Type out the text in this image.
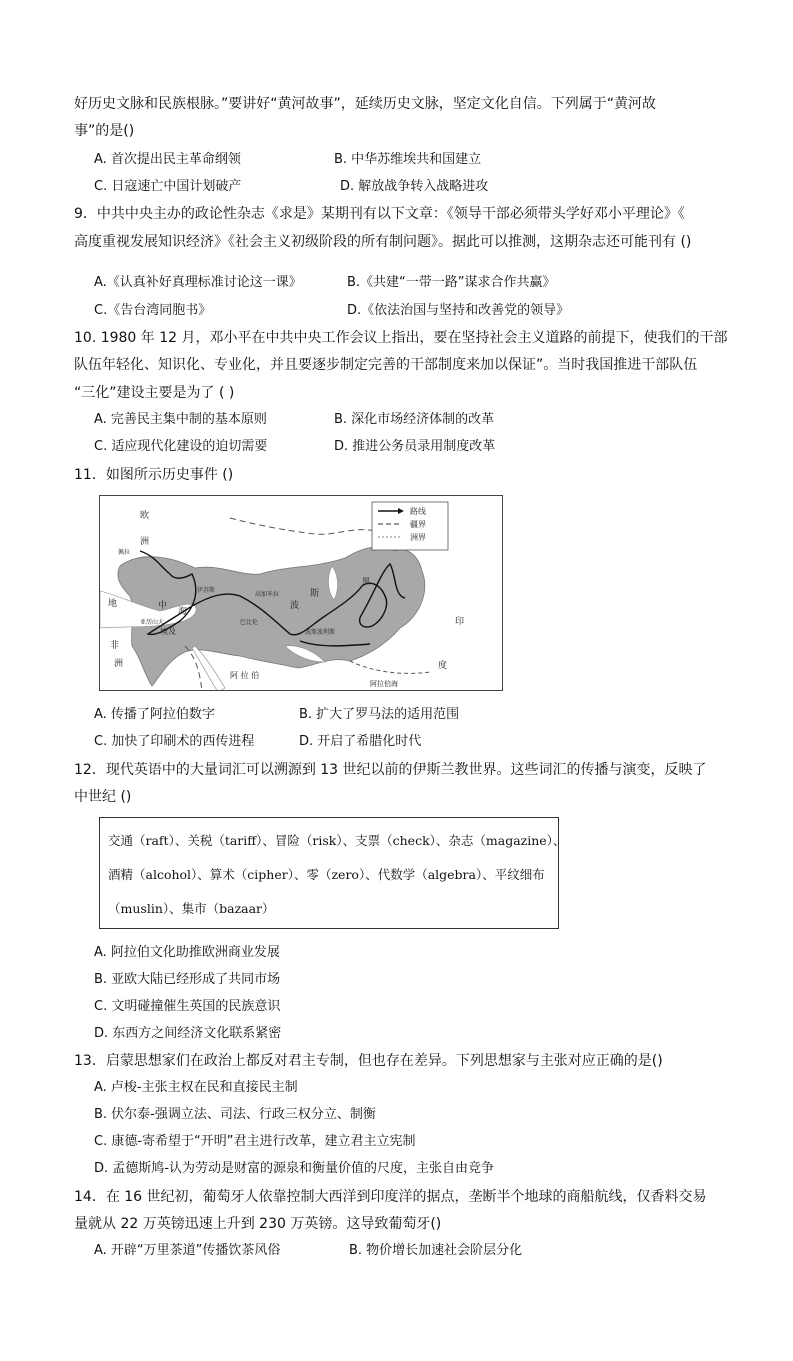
好历史文脉和民族根脉。”要讲好“黄河故事”，延续历史文脉，坚定文化自信。下列属于“黄河故
事”的是()
A. 首次提出民主革命纲领	B. 中华苏维埃共和国建立
C. 日寇速亡中国计划破产	D. 解放战争转入战略进攻
9．中共中央主办的政论性杂志《求是》某期刊有以下文章：《领导干部必须带头学好邓小平理论》《
高度重视发展知识经济》《社会主义初级阶段的所有制问题》。据此可以推测，这期杂志还可能刊有 ()
A.《认真补好真理标准讨论这一课》	B.《共建“一带一路”谋求合作共赢》
C.《告台湾同胞书》	D.《依法治国与坚持和改善党的领导》
10. 1980 年 12 月，邓小平在中共中央工作会议上指出，要在坚持社会主义道路的前提下，使我们的干部
队伍年轻化、知识化、专业化，并且要逐步制定完善的干部制度来加以保证”。当时我国推进干部队伍
“三化”建设主要是为了 ( )
A. 完善民主集中制的基本原则	B. 深化市场经济体制的改革
C. 适应现代化建设的迫切需要	D. 推进公务员录用制度改革
11．如图所示历史事件 ()
路线
疆界
洲界
欧
洲
佩拉
地	中
海
伊苏斯
高加米拉
波
斯
巴比伦
波斯波利斯
亚历山大
埃及
非
洲
阿 拉 伯
黑
印
度
阿拉伯海
A. 传播了阿拉伯数字	B. 扩大了罗马法的适用范围
C. 加快了印刷术的西传进程	D. 开启了希腊化时代
12．现代英语中的大量词汇可以溯源到 13 世纪以前的伊斯兰教世界。这些词汇的传播与演变，反映了
中世纪 ()
交通（raft）、关税（tariff）、冒险（risk）、支票（check）、杂志（magazine）、
酒精（alcohol）、算术（cipher）、零（zero）、代数学（algebra）、平纹细布
（muslin）、集市（bazaar）
A. 阿拉伯文化助推欧洲商业发展
B. 亚欧大陆已经形成了共同市场
C. 文明碰撞催生英国的民族意识
D. 东西方之间经济文化联系紧密
13．启蒙思想家们在政治上都反对君主专制，但也存在差异。下列思想家与主张对应正确的是()
A. 卢梭-主张主权在民和直接民主制
B. 伏尔泰-强调立法、司法、行政三权分立、制衡
C. 康德-寄希望于“开明”君主进行改革，建立君主立宪制
D. 孟德斯鸠-认为劳动是财富的源泉和衡量价值的尺度，主张自由竞争
14．在 16 世纪初，葡萄牙人依靠控制大西洋到印度洋的据点，垄断半个地球的商船航线，仅香料交易
量就从 22 万英镑迅速上升到 230 万英镑。这导致葡萄牙()
A. 开辟“万里茶道”传播饮茶风俗	B. 物价增长加速社会阶层分化
